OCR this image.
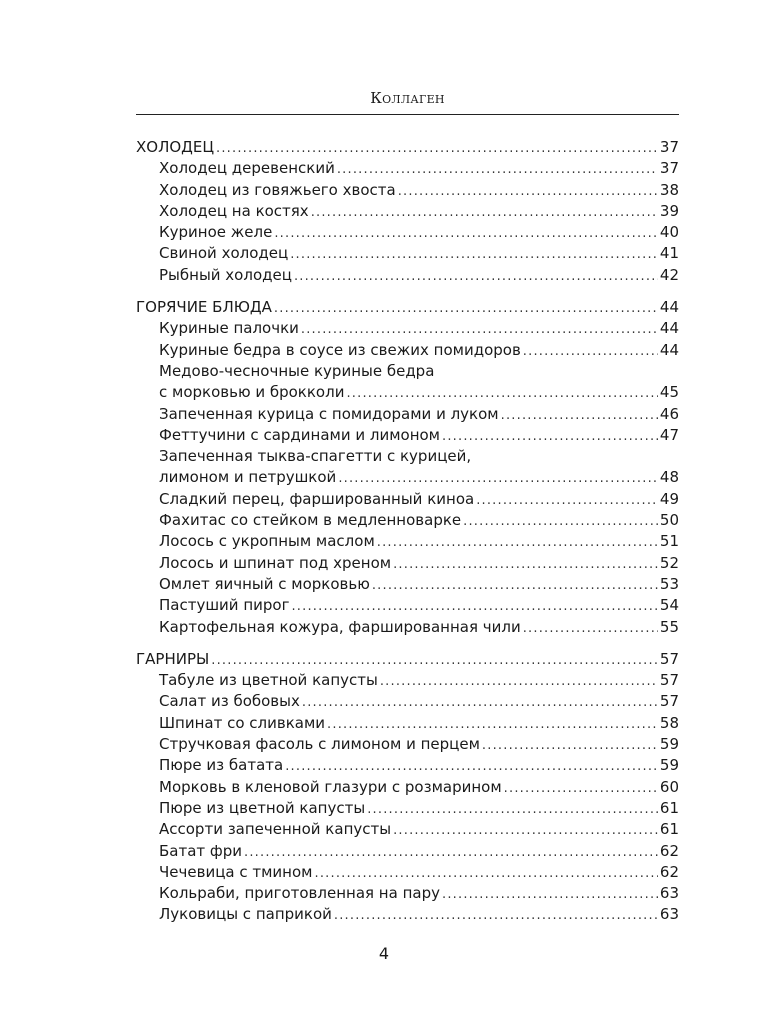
Коллаген
ХОЛОДЕЦ .....	37
Холодец деревенский .....	37
Холодец из говяжьего хвоста .....	38
Холодец на костях .....	39
Куриное желе .....	40
Свиной холодец .....	41
Рыбный холодец .....	42
ГОРЯЧИЕ БЛЮДА .....	44
Куриные палочки .....	44
Куриные бедра в соусе из свежих помидоров .....	44
Медово-чесночные куриные бедра
с морковью и брокколи .....	45
Запеченная курица с помидорами и луком .....	46
Феттучини с сардинами и лимоном .....	47
Запеченная тыква-спагетти с курицей,
лимоном и петрушкой .....	48
Сладкий перец, фаршированный киноа .....	49
Фахитас со стейком в медленноварке .....	50
Лосось с укропным маслом .....	51
Лосось и шпинат под хреном .....	52
Омлет яичный с морковью .....	53
Пастуший пирог .....	54
Картофельная кожура, фаршированная чили .....	55
ГАРНИРЫ .....	57
Табуле из цветной капусты .....	57
Салат из бобовых .....	57
Шпинат со сливками .....	58
Стручковая фасоль с лимоном и перцем .....	59
Пюре из батата .....	59
Морковь в кленовой глазури с розмарином .....	60
Пюре из цветной капусты .....	61
Ассорти запеченной капусты .....	61
Батат фри .....	62
Чечевица с тмином .....	62
Кольраби, приготовленная на пару .....	63
Луковицы с паприкой .....	63
4
